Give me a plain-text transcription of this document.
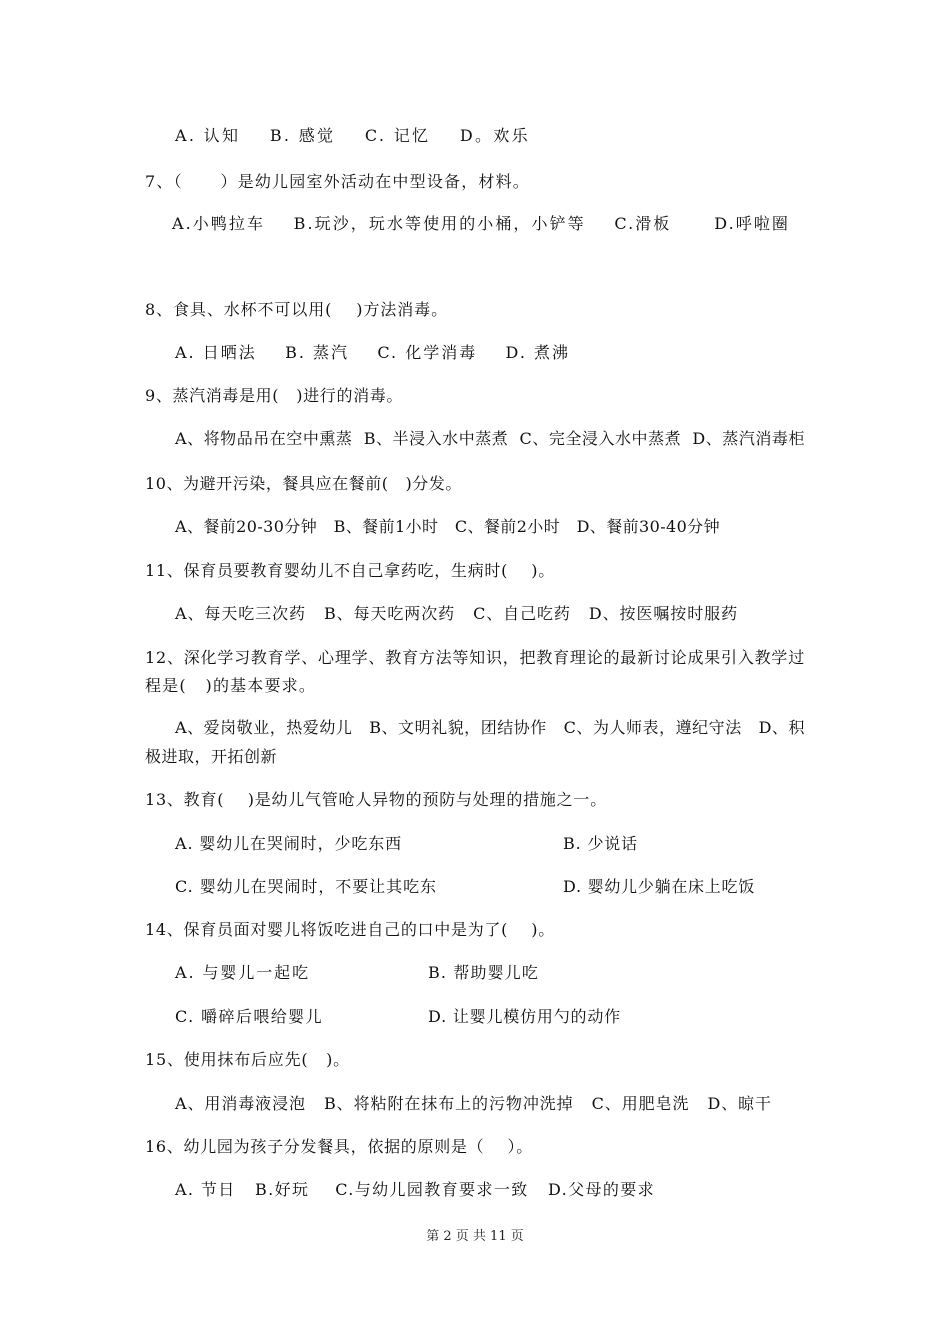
A. 认知    B. 感觉    C. 记忆    D。欢乐
7、（      ）是幼儿园室外活动在中型设备，材料。
A.小鸭拉车    B.玩沙，玩水等使用的小桶，小铲等    C.滑板      D.呼啦圈
8、食具、水杯不可以用(    )方法消毒。
A. 日晒法    B. 蒸汽    C. 化学消毒    D. 煮沸
9、蒸汽消毒是用(   )进行的消毒。
A、将物品吊在空中熏蒸  B、半浸入水中蒸煮  C、完全浸入水中蒸煮  D、蒸汽消毒柜
10、为避开污染，餐具应在餐前(   )分发。
A、餐前20-30分钟   B、餐前1小时   C、餐前2小时   D、餐前30-40分钟
11、保育员要教育婴幼儿不自己拿药吃，生病时(    )。
A、每天吃三次药   B、每天吃两次药   C、自己吃药   D、按医嘱按时服药
12、深化学习教育学、心理学、教育方法等知识，把教育理论的最新讨论成果引入教学过
程是(   )的基本要求。
A、爱岗敬业，热爱幼儿   B、文明礼貌，团结协作   C、为人师表，遵纪守法   D、积
极进取，开拓创新
13、教育(    )是幼儿气管呛人异物的预防与处理的措施之一。
A. 婴幼儿在哭闹时，少吃东西	B. 少说话
C. 婴幼儿在哭闹时，不要让其吃东	D. 婴幼儿少躺在床上吃饭
14、保育员面对婴儿将饭吃进自己的口中是为了(    )。
A. 与婴儿一起吃	B. 帮助婴儿吃
C. 嚼碎后喂给婴儿	D. 让婴儿模仿用勺的动作
15、使用抹布后应先(   )。
A、用消毒液浸泡   B、将粘附在抹布上的污物冲洗掉   C、用肥皂洗   D、晾干
16、幼儿园为孩子分发餐具，依据的原则是（    ）。
A. 节日   B.好玩    C.与幼儿园教育要求一致   D.父母的要求
第 2 页 共 11 页
